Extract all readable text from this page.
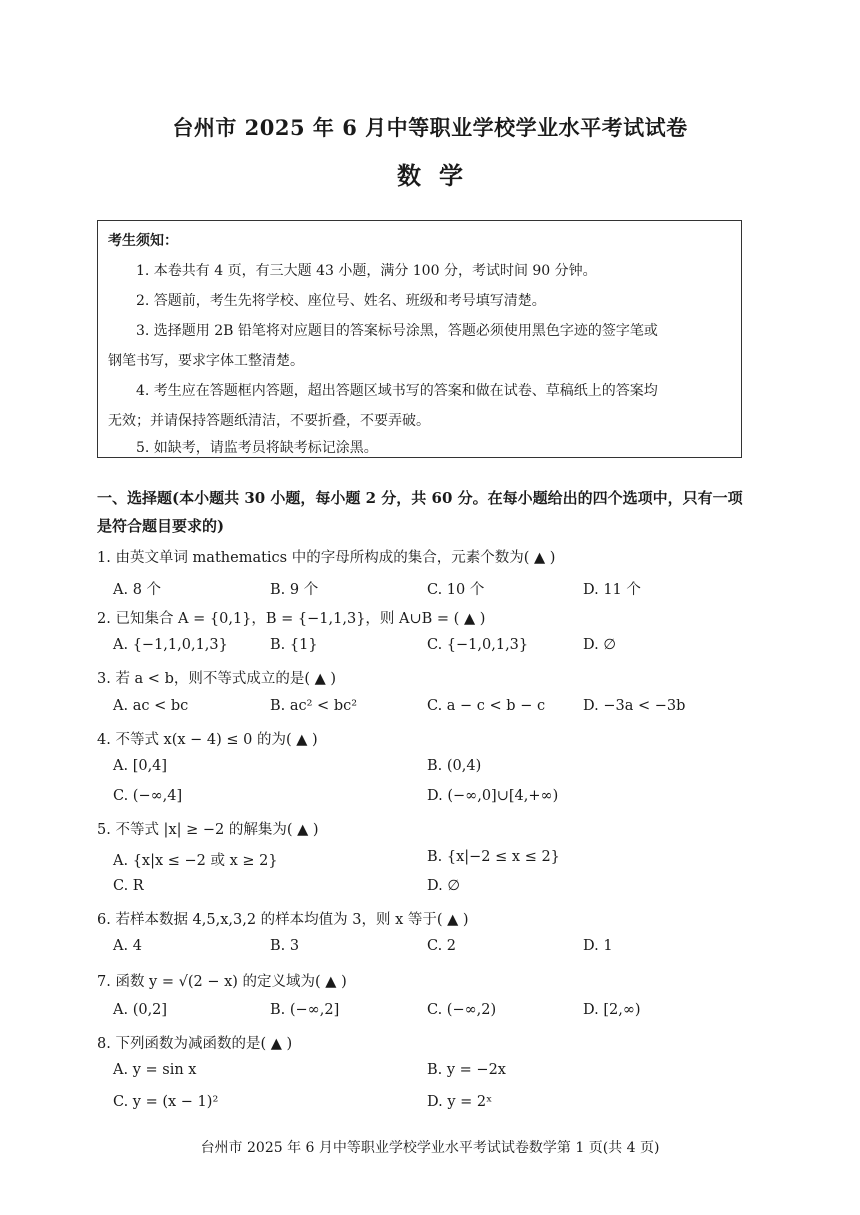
台州市 2025 年 6 月中等职业学校学业水平考试试卷
数学
考生须知：
1. 本卷共有 4 页，有三大题 43 小题，满分 100 分，考试时间 90 分钟。
2. 答题前，考生先将学校、座位号、姓名、班级和考号填写清楚。
3. 选择题用 2B 铅笔将对应题目的答案标号涂黑，答题必须使用黑色字迹的签字笔或
钢笔书写，要求字体工整清楚。
4. 考生应在答题框内答题，超出答题区域书写的答案和做在试卷、草稿纸上的答案均
无效；并请保持答题纸清洁，不要折叠，不要弄破。
5. 如缺考，请监考员将缺考标记涂黑。
一、选择题(本小题共 30 小题，每小题 2 分，共 60 分。在每小题给出的四个选项中，只有一项
是符合题目要求的)
1. 由英文单词 mathematics 中的字母所构成的集合，元素个数为( ▲ )
A. 8 个	B. 9 个	C. 10 个	D. 11 个
2. 已知集合 A = {0,1}，B = {−1,1,3}，则 A∪B = ( ▲ )
A. {−1,1,0,1,3}	B. {1}	C. {−1,0,1,3}	D. ∅
3. 若 a < b，则不等式成立的是( ▲ )
A. ac < bc	B. ac² < bc²	C. a − c < b − c	D. −3a < −3b
4. 不等式 x(x − 4) ≤ 0 的为( ▲ )
A. [0,4]	B. (0,4)
C. (−∞,4]	D. (−∞,0]∪[4,+∞)
5. 不等式 |x| ≥ −2 的解集为( ▲ )
A. {x|x ≤ −2 或 x ≥ 2}	B. {x|−2 ≤ x ≤ 2}
C. R	D. ∅
6. 若样本数据 4,5,x,3,2 的样本均值为 3，则 x 等于( ▲ )
A. 4	B. 3	C. 2	D. 1
7. 函数 y = √(2 − x) 的定义域为( ▲ )
A. (0,2]	B. (−∞,2]	C. (−∞,2)	D. [2,∞)
8. 下列函数为减函数的是( ▲ )
A. y = sin x	B. y = −2x
C. y = (x − 1)²	D. y = 2ˣ
台州市 2025 年 6 月中等职业学校学业水平考试试卷数学第 1 页(共 4 页)
